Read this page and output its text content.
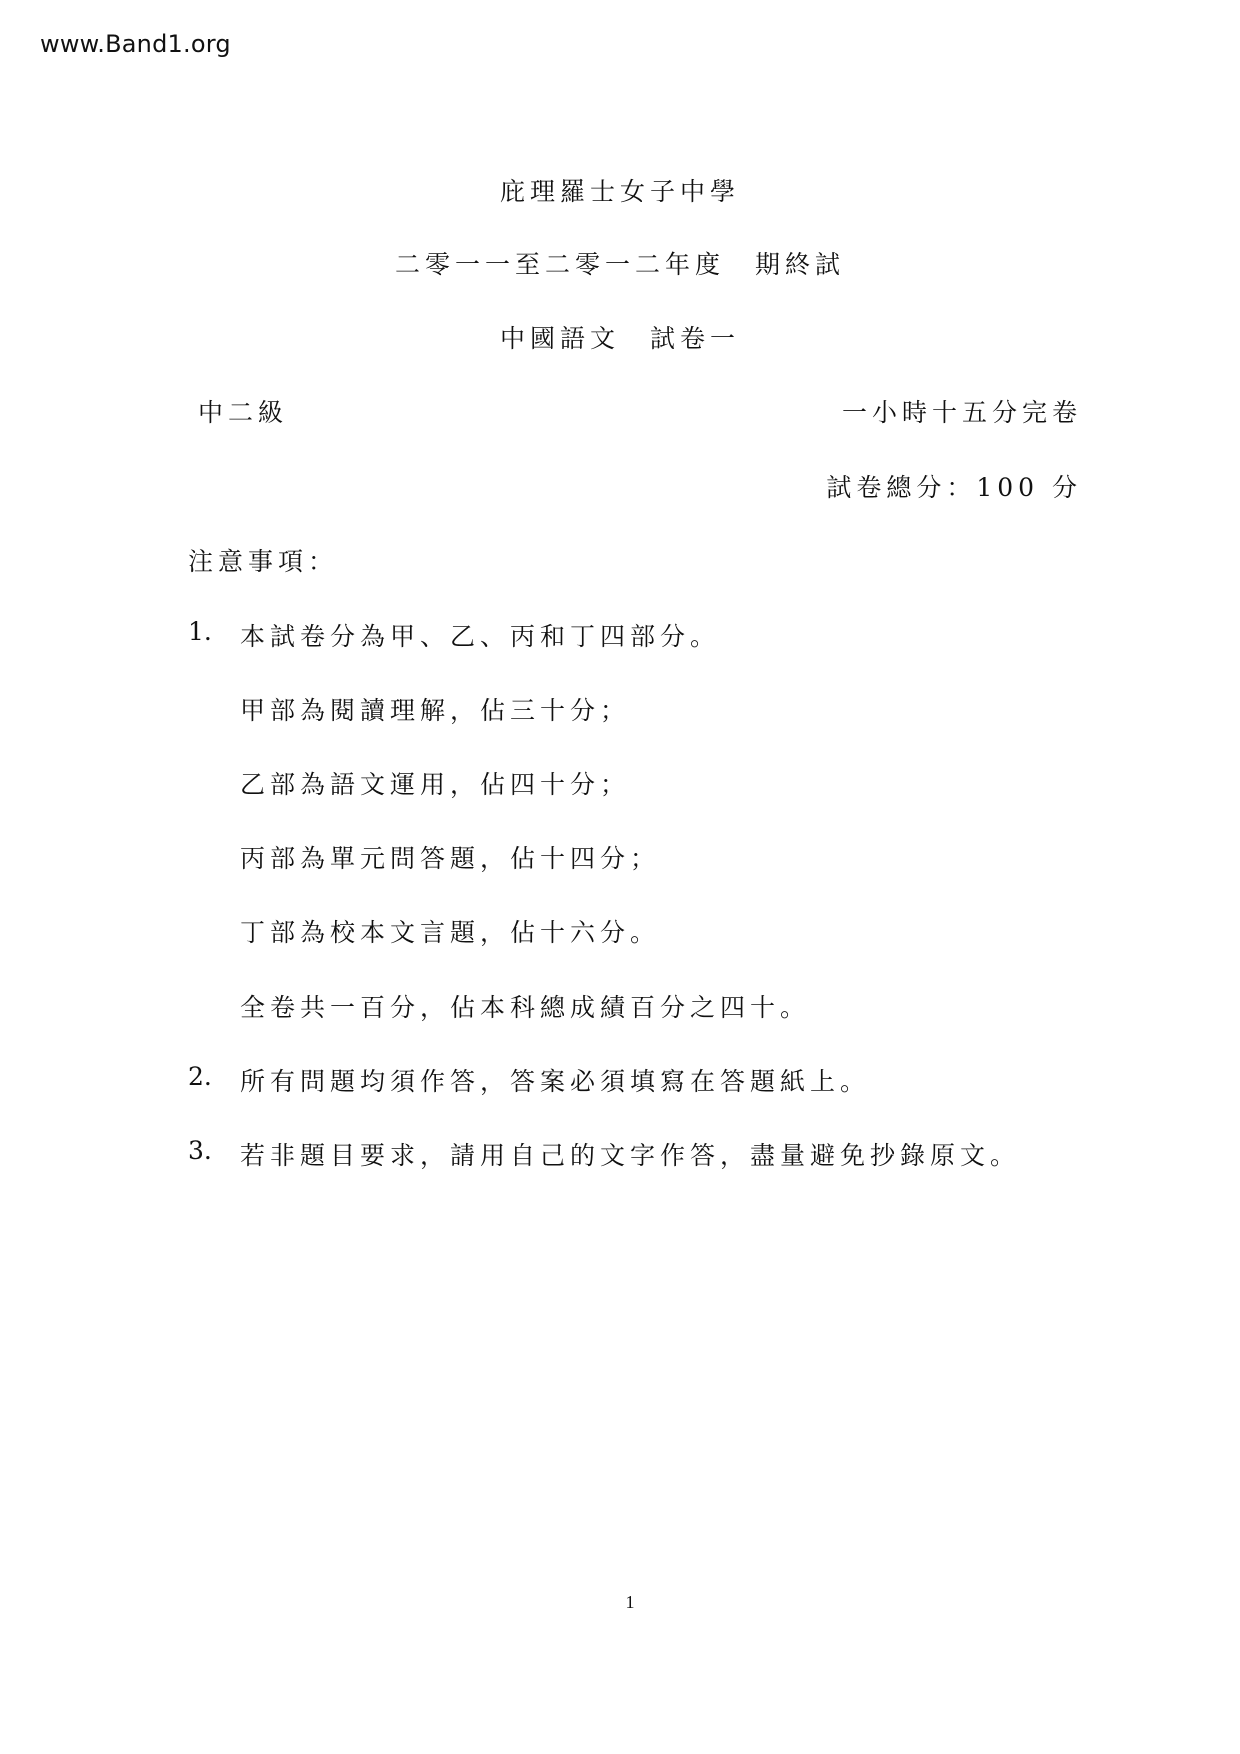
www.Band1.org
庇理羅士女子中學
二零一一至二零一二年度　期終試
中國語文　試卷一
中二級	一小時十五分完卷
試卷總分：100 分
注意事項：
1. 本試卷分為甲、乙、丙和丁四部分。
甲部為閱讀理解，佔三十分；
乙部為語文運用，佔四十分；
丙部為單元問答題，佔十四分；
丁部為校本文言題，佔十六分。
全卷共一百分，佔本科總成績百分之四十。
2. 所有問題均須作答，答案必須填寫在答題紙上。
3. 若非題目要求，請用自己的文字作答，盡量避免抄錄原文。
1
